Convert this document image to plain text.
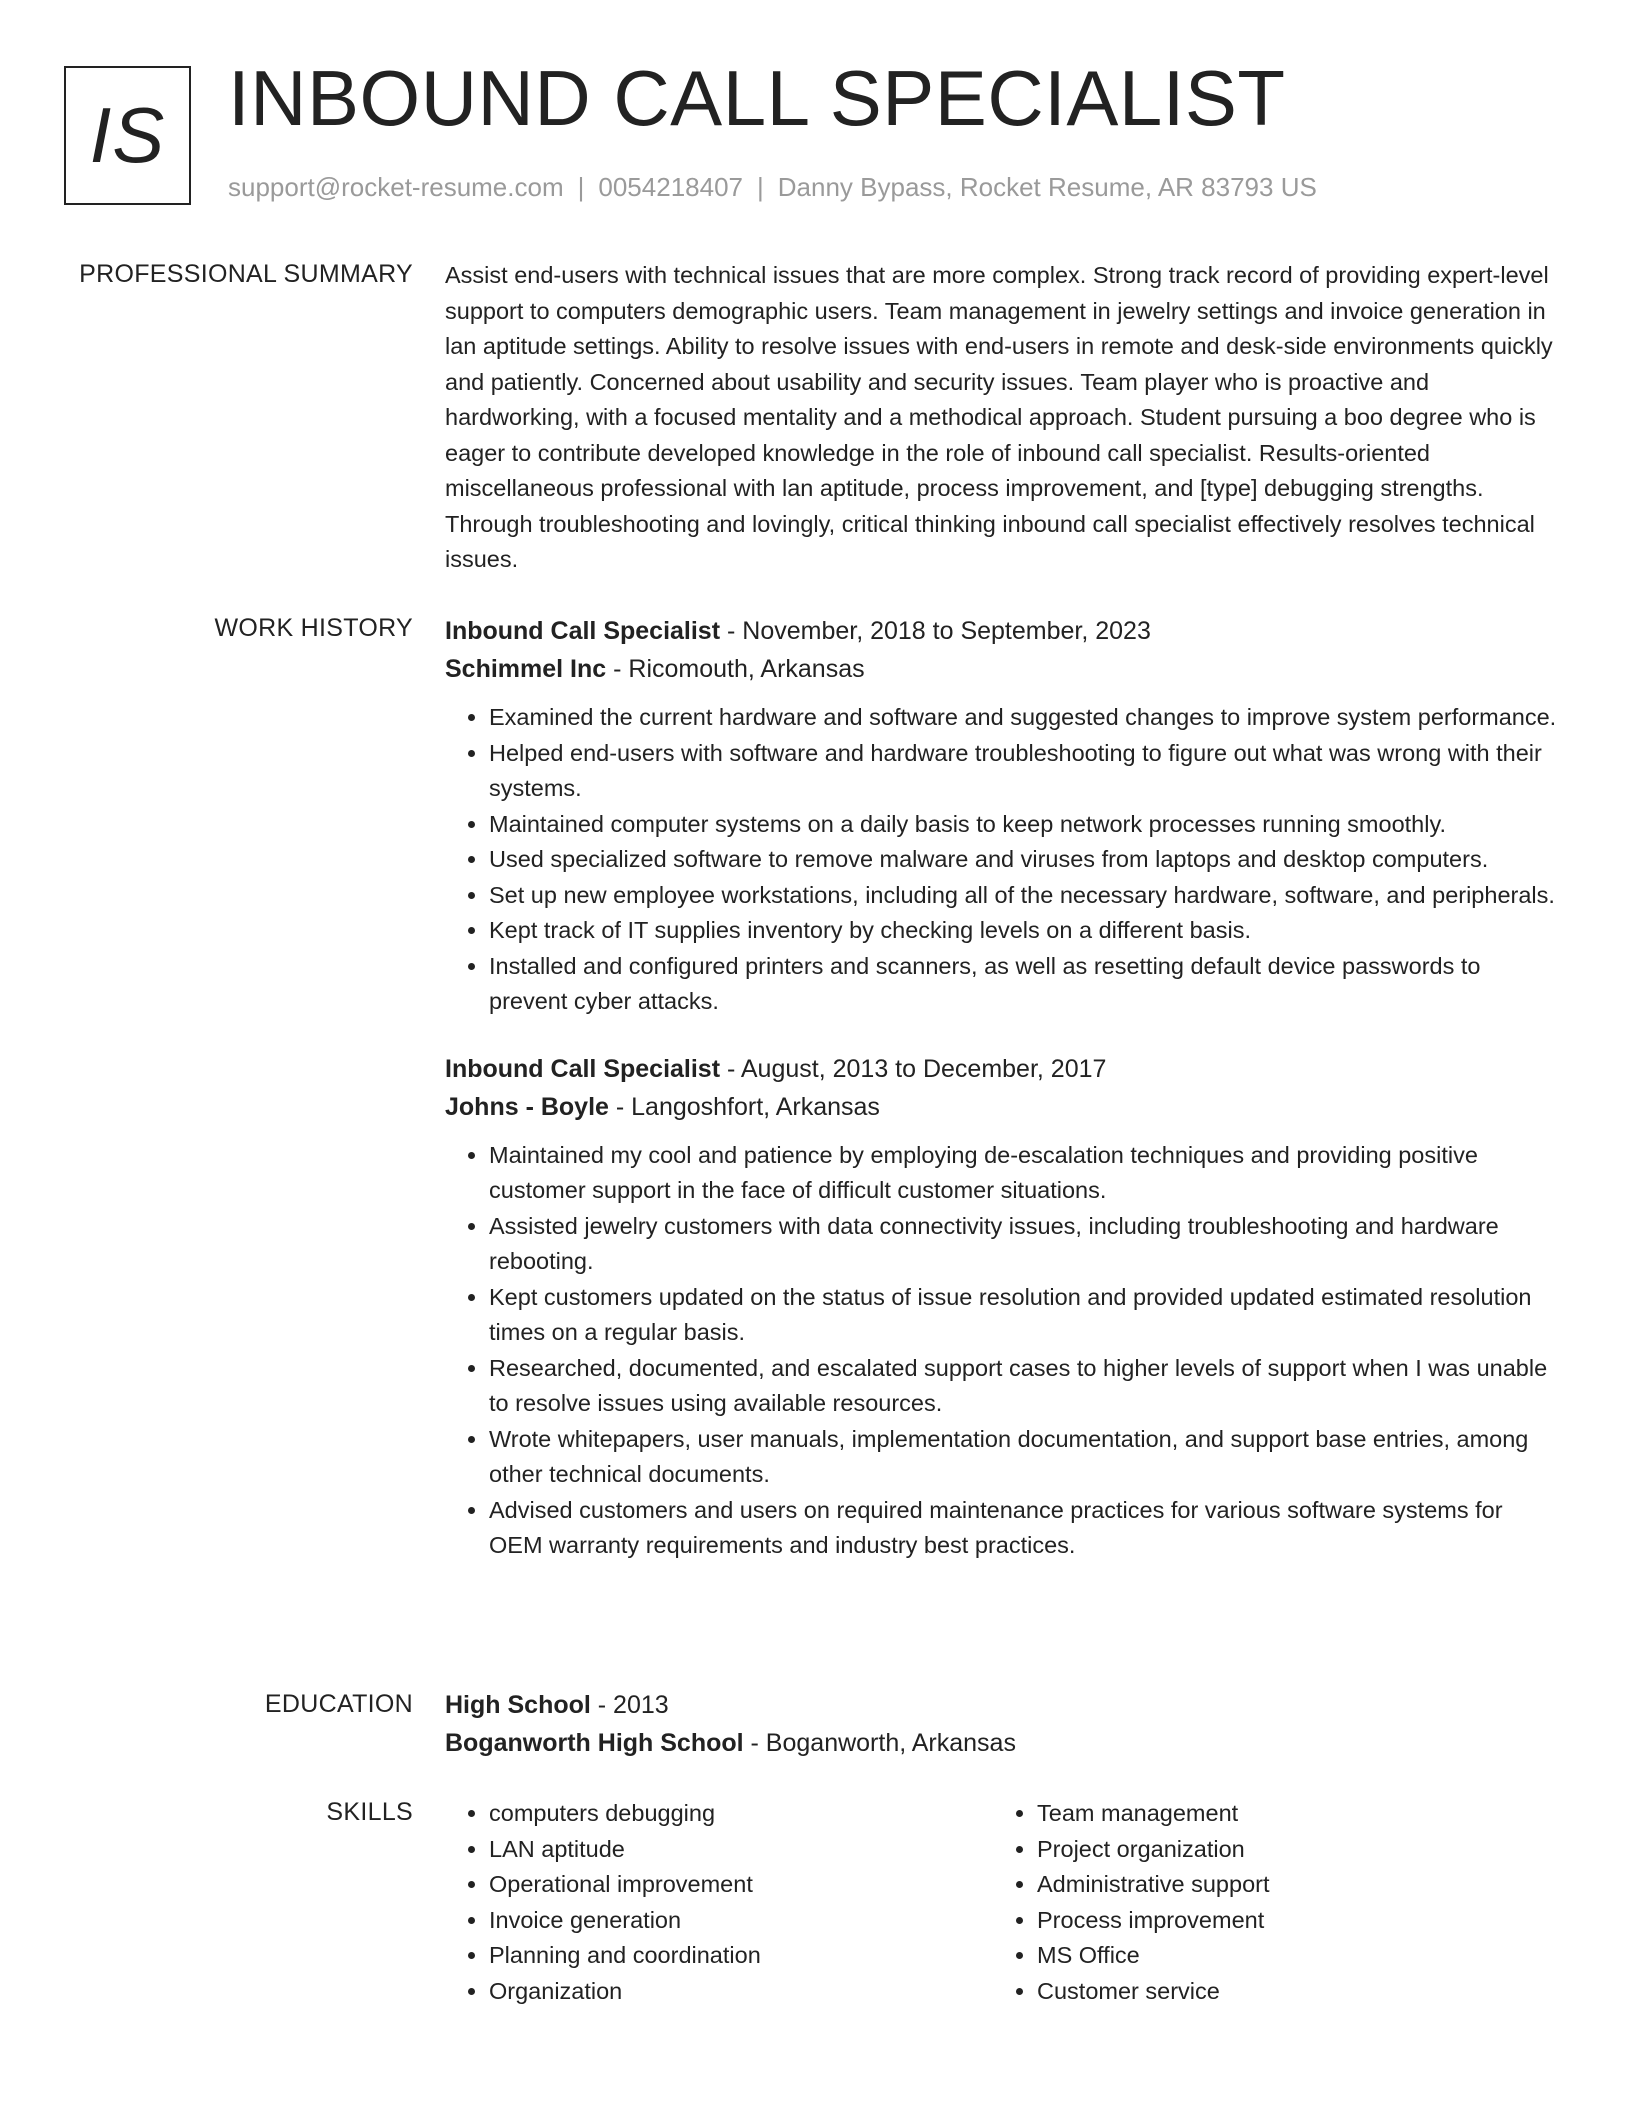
IS INBOUND CALL SPECIALIST
support@rocket-resume.com | 0054218407 | Danny Bypass, Rocket Resume, AR 83793 US
PROFESSIONAL SUMMARY Assist end-users with technical issues that are more complex. Strong track record of providing expert-level support to computers demographic users. Team management in jewelry settings and invoice generation in lan aptitude settings. Ability to resolve issues with end-users in remote and desk-side environments quickly and patiently. Concerned about usability and security issues. Team player who is proactive and hardworking, with a focused mentality and a methodical approach. Student pursuing a boo degree who is eager to contribute developed knowledge in the role of inbound call specialist. Results-oriented miscellaneous professional with lan aptitude, process improvement, and [type] debugging strengths. Through troubleshooting and lovingly, critical thinking inbound call specialist effectively resolves technical issues.

WORK HISTORY Inbound Call Specialist - November, 2018 to September, 2023
Schimmel Inc - Ricomouth, Arkansas
• Examined the current hardware and software and suggested changes to improve system performance.
• Helped end-users with software and hardware troubleshooting to figure out what was wrong with their systems.
• Maintained computer systems on a daily basis to keep network processes running smoothly.
• Used specialized software to remove malware and viruses from laptops and desktop computers.
• Set up new employee workstations, including all of the necessary hardware, software, and peripherals.
• Kept track of IT supplies inventory by checking levels on a different basis.
• Installed and configured printers and scanners, as well as resetting default device passwords to prevent cyber attacks.
Inbound Call Specialist - August, 2013 to December, 2017
Johns - Boyle - Langoshfort, Arkansas
• Maintained my cool and patience by employing de-escalation techniques and providing positive customer support in the face of difficult customer situations.
• Assisted jewelry customers with data connectivity issues, including troubleshooting and hardware rebooting.
• Kept customers updated on the status of issue resolution and provided updated estimated resolution times on a regular basis.
• Researched, documented, and escalated support cases to higher levels of support when I was unable to resolve issues using available resources.
• Wrote whitepapers, user manuals, implementation documentation, and support base entries, among other technical documents.
• Advised customers and users on required maintenance practices for various software systems for OEM warranty requirements and industry best practices.
EDUCATION High School - 2013
Boganworth High School - Boganworth, Arkansas
SKILLS
•	computers debugging
• LAN aptitude
• Operational improvement
• Invoice generation
• Planning and coordination
• Organization
• Team management
• Project organization
• Administrative support
• Process improvement
• MS Office
• Customer service
